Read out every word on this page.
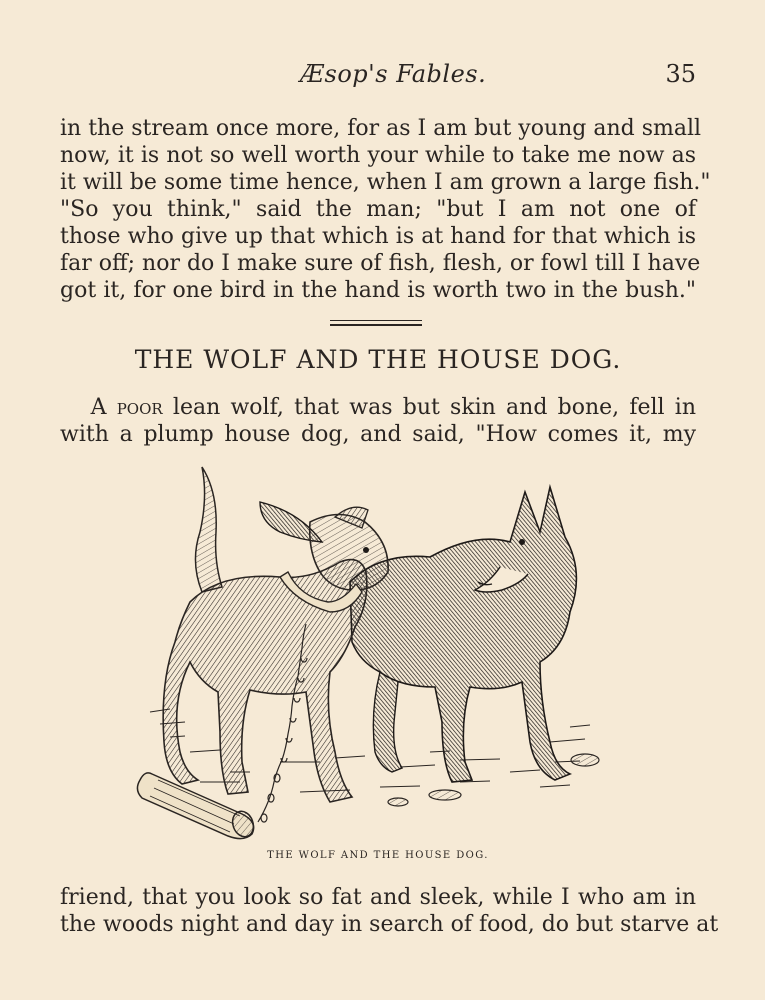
Æsop's Fables.	35
in the stream once more, for as I am but young and small
now, it is not so well worth your while to take me now as
it will be some time hence, when I am grown a large fish."
"So you think," said the man; "but I am not one of
those who give up that which is at hand for that which is
far off; nor do I make sure of fish, flesh, or fowl till I have
got it, for one bird in the hand is worth two in the bush."
THE WOLF AND THE HOUSE DOG.
A poor lean wolf, that was but skin and bone, fell in
with a plump house dog, and said, "How comes it, my
THE WOLF AND THE HOUSE DOG.
friend, that you look so fat and sleek, while I who am in
the woods night and day in search of food, do but starve at
